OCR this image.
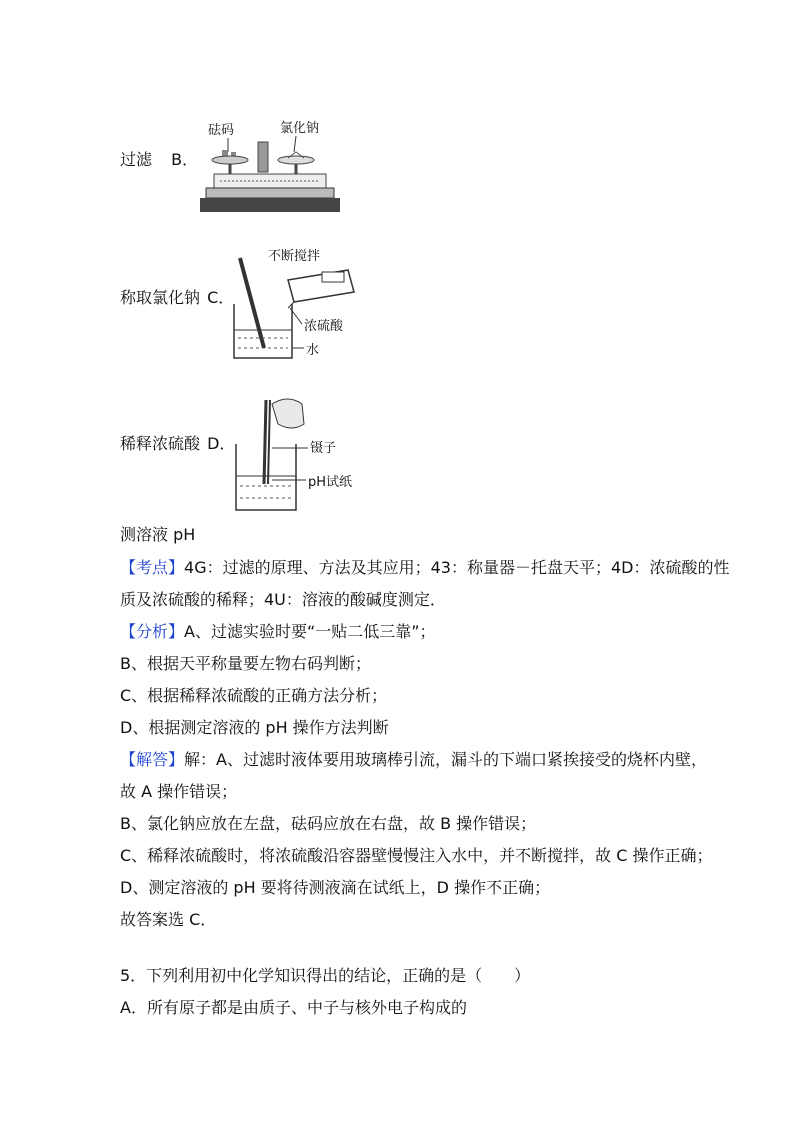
过滤 B．
砝码	氯化钠
称取氯化钠 C．
不断搅拌
浓硫酸
水
稀释浓硫酸 D．	镊子
pH试纸
测溶液 pH
【考点】4G：过滤的原理、方法及其应用；43：称量器－托盘天平；4D：浓硫酸的性
质及浓硫酸的稀释；4U：溶液的酸碱度测定．
【分析】A、过滤实验时要“一贴二低三靠”；
B、根据天平称量要左物右码判断；
C、根据稀释浓硫酸的正确方法分析；
D、根据测定溶液的 pH 操作方法判断
【解答】解：A、过滤时液体要用玻璃棒引流，漏斗的下端口紧挨接受的烧杯内壁，
故 A 操作错误；
B、氯化钠应放在左盘，砝码应放在右盘，故 B 操作错误；
C、稀释浓硫酸时，将浓硫酸沿容器壁慢慢注入水中，并不断搅拌，故 C 操作正确；
D、测定溶液的 pH 要将待测液滴在试纸上，D 操作不正确；
故答案选 C．
5．下列利用初中化学知识得出的结论，正确的是（　　）
A．所有原子都是由质子、中子与核外电子构成的
